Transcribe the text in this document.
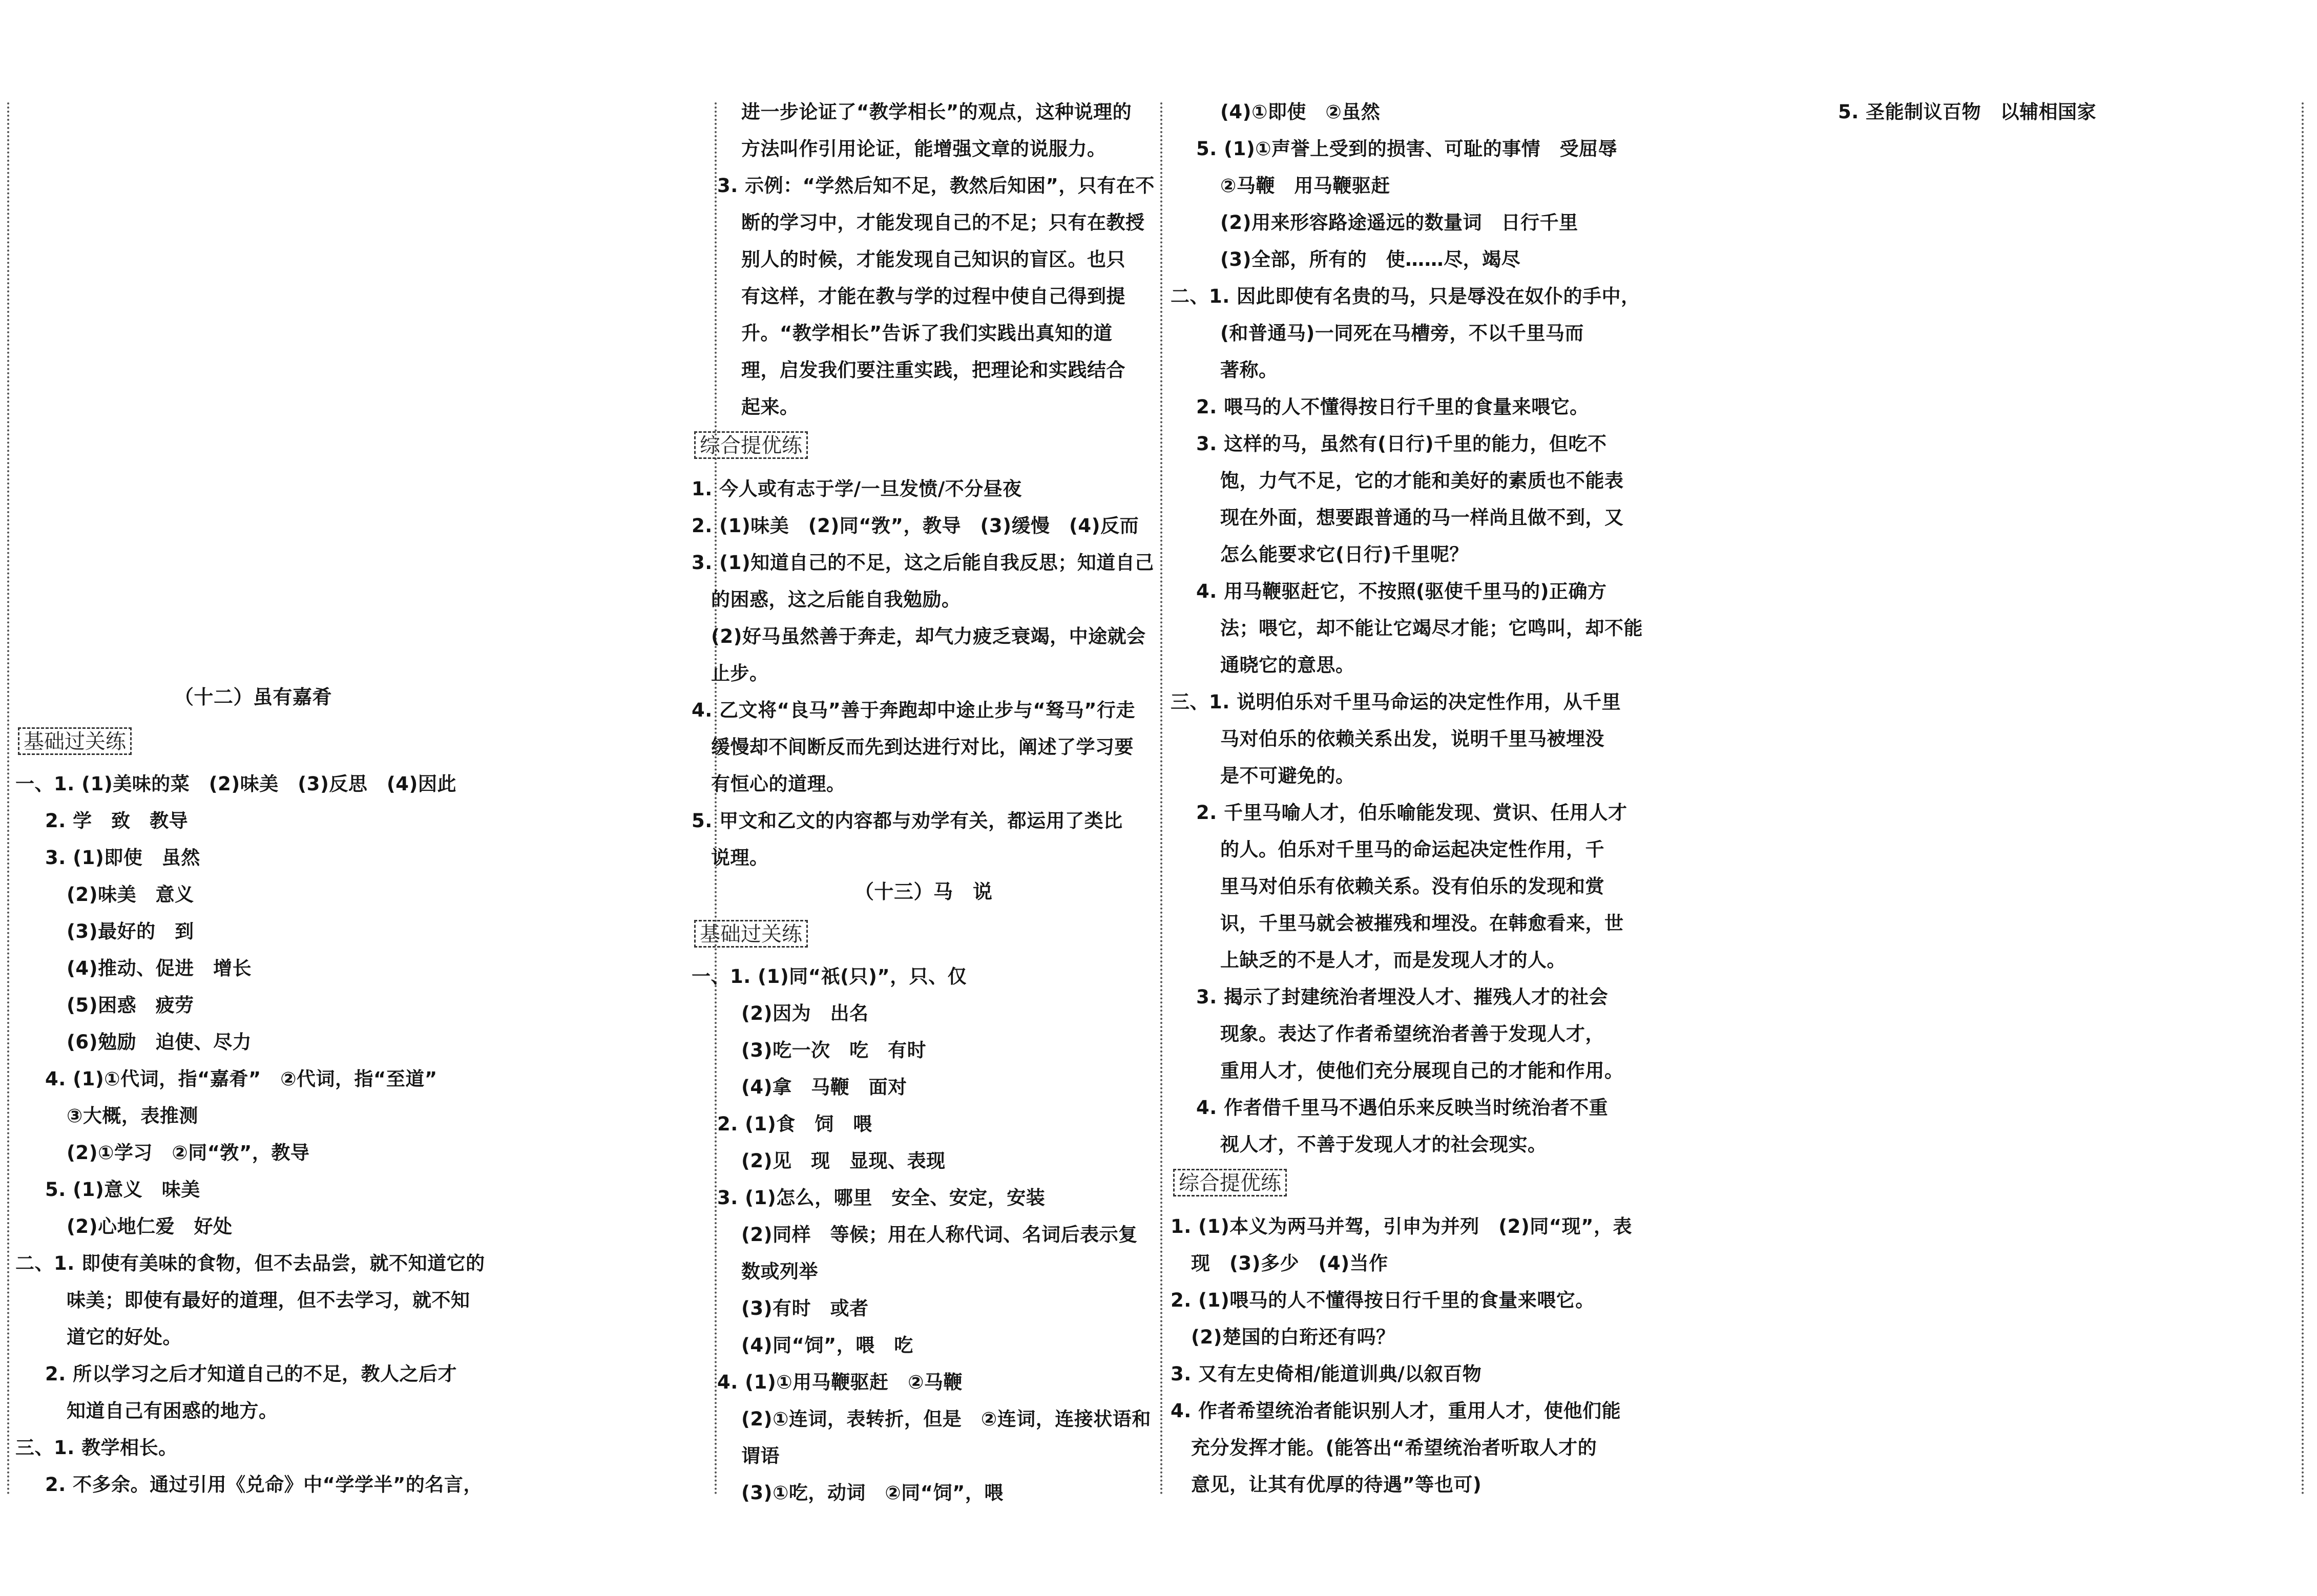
（十二）虽有嘉肴
基础过关练
一、1. (1)美味的菜　(2)味美　(3)反思　(4)因此
2. 学　致　教导
3. (1)即使　虽然
(2)味美　意义
(3)最好的　到
(4)推动、促进　增长
(5)困惑　疲劳
(6)勉励　迫使、尽力
4. (1)①代词，指“嘉肴”　②代词，指“至道”
③大概，表推测
(2)①学习　②同“敩”，教导
5. (1)意义　味美
(2)心地仁爱　好处
二、1. 即使有美味的食物，但不去品尝，就不知道它的
味美；即使有最好的道理，但不去学习，就不知
道它的好处。
2. 所以学习之后才知道自己的不足，教人之后才
知道自己有困惑的地方。
三、1. 教学相长。
2. 不多余。通过引用《兑命》中“学学半”的名言，
进一步论证了“教学相长”的观点，这种说理的
方法叫作引用论证，能增强文章的说服力。
3. 示例：“学然后知不足，教然后知困”，只有在不
断的学习中，才能发现自己的不足；只有在教授
别人的时候，才能发现自己知识的盲区。也只
有这样，才能在教与学的过程中使自己得到提
升。“教学相长”告诉了我们实践出真知的道
理，启发我们要注重实践，把理论和实践结合
起来。
综合提优练
1. 今人或有志于学/一旦发愤/不分昼夜
2. (1)味美　(2)同“敩”，教导　(3)缓慢　(4)反而
3. (1)知道自己的不足，这之后能自我反思；知道自己
的困惑，这之后能自我勉励。
(2)好马虽然善于奔走，却气力疲乏衰竭，中途就会
止步。
4. 乙文将“良马”善于奔跑却中途止步与“驽马”行走
缓慢却不间断反而先到达进行对比，阐述了学习要
有恒心的道理。
5. 甲文和乙文的内容都与劝学有关，都运用了类比
说理。
（十三）马　说
基础过关练
一、1. (1)同“祇(只)”，只、仅
(2)因为　出名
(3)吃一次　吃　有时
(4)拿　马鞭　面对
2. (1)食　饲　喂
(2)见　现　显现、表现
3. (1)怎么，哪里　安全、安定，安装
(2)同样　等候；用在人称代词、名词后表示复
数或列举
(3)有时　或者
(4)同“饲”，喂　吃
4. (1)①用马鞭驱赶　②马鞭
(2)①连词，表转折，但是　②连词，连接状语和
谓语
(3)①吃，动词　②同“饲”，喂
(4)①即使　②虽然
5. (1)①声誉上受到的损害、可耻的事情　受屈辱
②马鞭　用马鞭驱赶
(2)用来形容路途遥远的数量词　日行千里
(3)全部，所有的　使……尽，竭尽
二、1. 因此即使有名贵的马，只是辱没在奴仆的手中，
(和普通马)一同死在马槽旁，不以千里马而
著称。
2. 喂马的人不懂得按日行千里的食量来喂它。
3. 这样的马，虽然有(日行)千里的能力，但吃不
饱，力气不足，它的才能和美好的素质也不能表
现在外面，想要跟普通的马一样尚且做不到，又
怎么能要求它(日行)千里呢？
4. 用马鞭驱赶它，不按照(驱使千里马的)正确方
法；喂它，却不能让它竭尽才能；它鸣叫，却不能
通晓它的意思。
三、1. 说明伯乐对千里马命运的决定性作用，从千里
马对伯乐的依赖关系出发，说明千里马被埋没
是不可避免的。
2. 千里马喻人才，伯乐喻能发现、赏识、任用人才
的人。伯乐对千里马的命运起决定性作用，千
里马对伯乐有依赖关系。没有伯乐的发现和赏
识，千里马就会被摧残和埋没。在韩愈看来，世
上缺乏的不是人才，而是发现人才的人。
3. 揭示了封建统治者埋没人才、摧残人才的社会
现象。表达了作者希望统治者善于发现人才，
重用人才，使他们充分展现自己的才能和作用。
4. 作者借千里马不遇伯乐来反映当时统治者不重
视人才，不善于发现人才的社会现实。
综合提优练
1. (1)本义为两马并驾，引申为并列　(2)同“现”，表
现　(3)多少　(4)当作
2. (1)喂马的人不懂得按日行千里的食量来喂它。
(2)楚国的白珩还有吗？
3. 又有左史倚相/能道训典/以叙百物
4. 作者希望统治者能识别人才，重用人才，使他们能
充分发挥才能。(能答出“希望统治者听取人才的
意见，让其有优厚的待遇”等也可)
5. 圣能制议百物　以辅相国家
